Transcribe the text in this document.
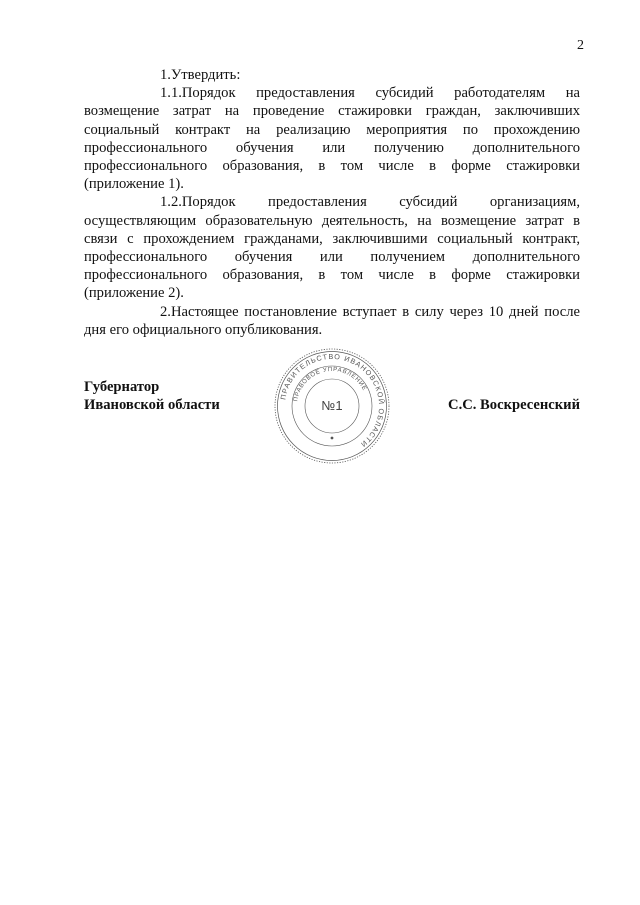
2

1.Утвердить:

1.1.Порядок предоставления субсидий работодателям на возмещение затрат на проведение стажировки граждан, заключивших социальный контракт на реализацию мероприятия по прохождению профессионального обучения или получению дополнительного профессионального образования, в том числе в форме стажировки (приложение 1).

1.2.Порядок предоставления субсидий организациям, осуществляющим образовательную деятельность, на возмещение затрат в связи с прохождением гражданами, заключившими социальный контракт, профессионального обучения или получением дополнительного профессионального образования, в том числе в форме стажировки (приложение 2).

2.Настоящее постановление вступает в силу через 10 дней после дня его официального опубликования.

Губернатор
Ивановской области	С.С. Воскресенский
ПРАВИТЕЛЬСТВО ИВАНОВСКОЙ ОБЛАСТИ
ПРАВОВОЕ УПРАВЛЕНИЕ
№1
